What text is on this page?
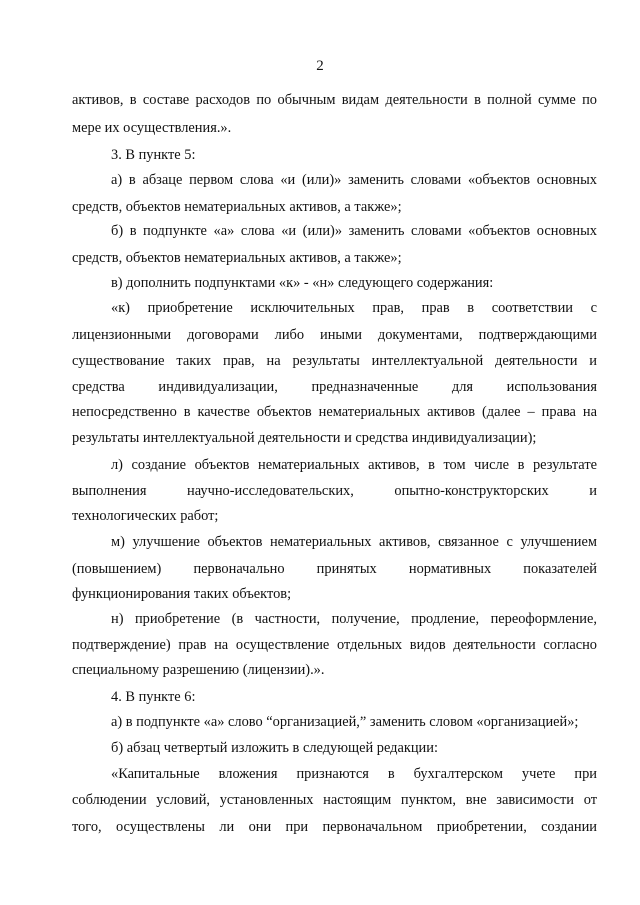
2
активов, в составе расходов по обычным видам деятельности в полной сумме по
мере их осуществления.».
3. В пункте 5:
а) в абзаце первом слова «и (или)» заменить словами «объектов основных
средств, объектов нематериальных активов, а также»;
б) в подпункте «а» слова «и (или)» заменить словами «объектов основных
средств, объектов нематериальных активов, а также»;
в) дополнить подпунктами «к» - «н» следующего содержания:
«к) приобретение исключительных прав, прав в соответствии с
лицензионными договорами либо иными документами, подтверждающими
существование таких прав, на результаты интеллектуальной деятельности и
средства индивидуализации, предназначенные для использования
непосредственно в качестве объектов нематериальных активов (далее – права на
результаты интеллектуальной деятельности и средства индивидуализации);
л) создание объектов нематериальных активов, в том числе в результате
выполнения научно-исследовательских, опытно-конструкторских и
технологических работ;
м) улучшение объектов нематериальных активов, связанное с улучшением
(повышением) первоначально принятых нормативных показателей
функционирования таких объектов;
н) приобретение (в частности, получение, продление, переоформление,
подтверждение) прав на осуществление отдельных видов деятельности согласно
специальному разрешению (лицензии).».
4. В пункте 6:
а) в подпункте «а» слово “организацией,” заменить словом «организацией»;
б) абзац четвертый изложить в следующей редакции:
«Капитальные вложения признаются в бухгалтерском учете при
соблюдении условий, установленных настоящим пунктом, вне зависимости от
того, осуществлены ли они при первоначальном приобретении, создании
